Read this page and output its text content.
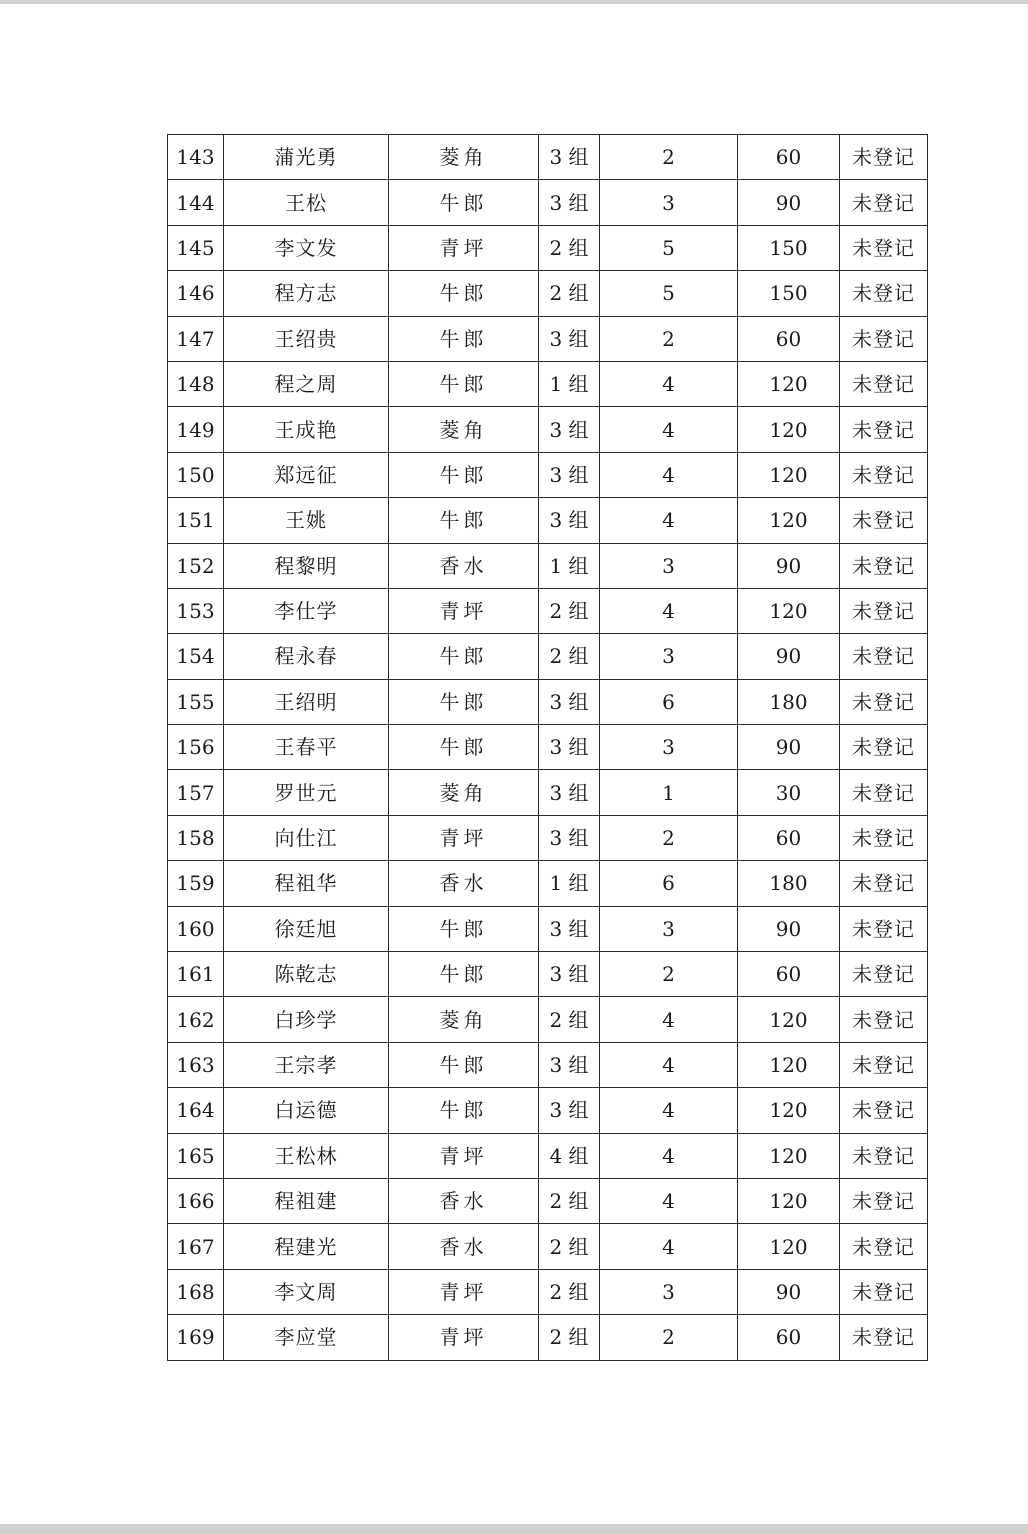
143	蒲光勇	菱角	3 组	2	60	未登记
144	王松	牛郎	3 组	3	90	未登记
145	李文发	青坪	2 组	5	150	未登记
146	程方志	牛郎	2 组	5	150	未登记
147	王绍贵	牛郎	3 组	2	60	未登记
148	程之周	牛郎	1 组	4	120	未登记
149	王成艳	菱角	3 组	4	120	未登记
150	郑远征	牛郎	3 组	4	120	未登记
151	王姚	牛郎	3 组	4	120	未登记
152	程黎明	香水	1 组	3	90	未登记
153	李仕学	青坪	2 组	4	120	未登记
154	程永春	牛郎	2 组	3	90	未登记
155	王绍明	牛郎	3 组	6	180	未登记
156	王春平	牛郎	3 组	3	90	未登记
157	罗世元	菱角	3 组	1	30	未登记
158	向仕江	青坪	3 组	2	60	未登记
159	程祖华	香水	1 组	6	180	未登记
160	徐廷旭	牛郎	3 组	3	90	未登记
161	陈乾志	牛郎	3 组	2	60	未登记
162	白珍学	菱角	2 组	4	120	未登记
163	王宗孝	牛郎	3 组	4	120	未登记
164	白运德	牛郎	3 组	4	120	未登记
165	王松林	青坪	4 组	4	120	未登记
166	程祖建	香水	2 组	4	120	未登记
167	程建光	香水	2 组	4	120	未登记
168	李文周	青坪	2 组	3	90	未登记
169	李应堂	青坪	2 组	2	60	未登记
